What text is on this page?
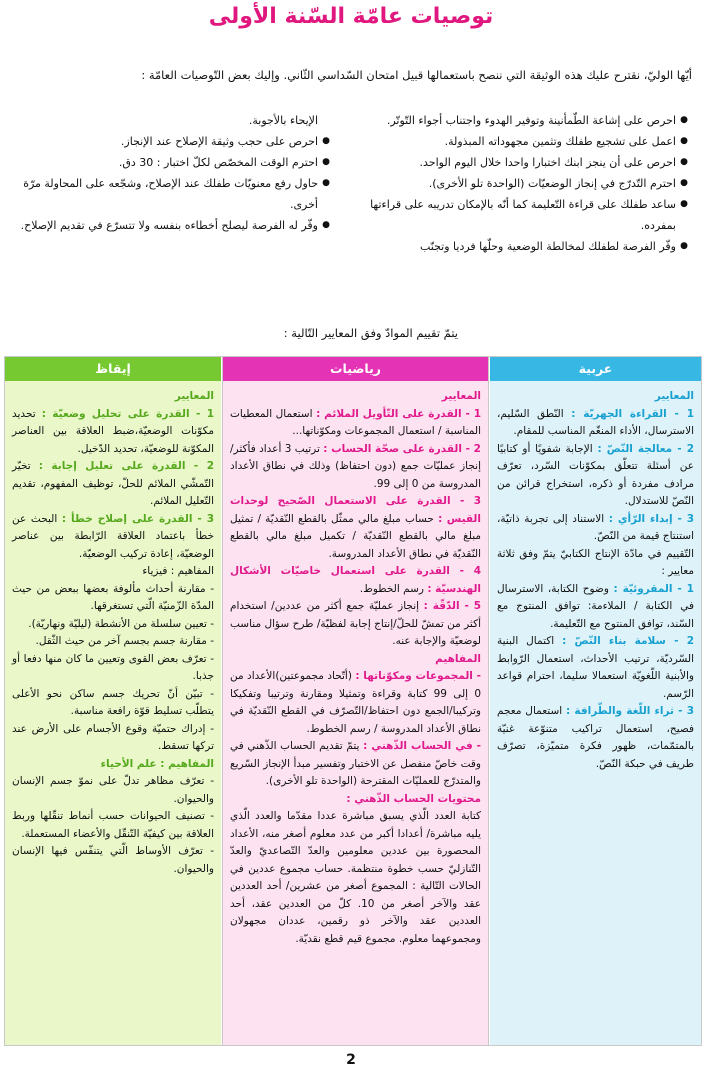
توصيات عامّة السّنة الأولى
أيّها الوليّ، نقترح عليك هذه الوثيقة التي ننصح باستعمالها قبيل امتحان السّداسي الثّاني. وإليك بعض التّوصيات العامّة :

● احرص على إشاعة الطّمأنينة وتوفير الهدوء واجتناب أجواء التّوتّر.

● اعمل على تشجيع طفلك وتثمين مجهوداته المبذولة.

● احرص على أن ينجز ابنك اختبارا واحدا خلال اليوم الواحد.

● احترم التّدرّج في إنجاز الوضعيّات (الواحدة تلو الأخرى).

● ساعد طفلك على قراءة التّعليمة كما أنّه بالإمكان تدريبه على قراءتها بمفرده.

● وفّر الفرصة لطفلك لمخالطة الوضعية وحلّها فرديا وتجنّب

الإيحاء بالأجوبة.

● احرص على حجب وثيقة الإصلاح عند الإنجاز.

● احترم الوقت المخصّص لكلّ اختبار : 30 دق.

● حاول رفع معنويّات طفلك عند الإصلاح، وشجّعه على المحاولة مرّة أخرى.

● وفّر له الفرصة ليصلح أخطاءه بنفسه ولا تتسرّع في تقديم الإصلاح.

يتمّ تقييم الموادّ وفق المعايير التّالية :
عربية

المعايير

1 - القراءة الجهريّة : النّطق السّليم، الاسترسال، الأداء المنغّم المناسب للمقام.

2 - معالجة النّصّ : الإجابة شفويًا أو كتابيًا عن أسئلة تتعلّق بمكوّنات السّرد، تعرّف مرادف مفردة أو ذكره، استخراج قرائن من النّصّ للاستدلال.

3 - إبداء الرّأي : الاستناد إلى تجربة ذاتيّة، استنتاج قيمة من النّصّ.

التّقييم في مادّة الإنتاج الكتابيّ يتمّ وفق ثلاثة معايير :

1 - المقروئيّة : وضوح الكتابة، الاسترسال في الكتابة / الملاءمة: توافق المنتوج مع السّند، توافق المنتوج مع التّعليمة.

2 - سلامة بناء النّصّ : اكتمال البنية السّرديّة، ترتيب الأحداث، استعمال الرّوابط والأبنية اللّغويّة استعمالا سليما، احترام قواعد الرّسم.

3 - ثراء اللّغة والطّرافة : استعمال معجم فصيح، استعمال تراكيب متنوّعة غنيّة بالمتمّمات، ظهور فكرة متميّزة، تصرّف طريف في حبكة النّصّ.

رياضيات

المعايير

1 - القدرة على التّأويل الملائم : استعمال المعطيات المناسبة / استعمال المجموعات ومكوّناتها...

2 - القدرة على صحّة الحساب : ترتيب 3 أعداد فأكثر/ إنجاز عمليّات جمع (دون احتفاظ) وذلك في نطاق الأعداد المدروسة من 0 إلى 99.

3 - القدرة على الاستعمال الصّحيح لوحدات القيس : حساب مبلغ مالي ممثّل بالقطع النّقديّة / تمثيل مبلغ مالي بالقطع النّقديّة / تكميل مبلغ مالي بالقطع النّقديّة في نطاق الأعداد المدروسة.

4 - القدرة على استعمال خاصيّات الأشكال الهندسيّة : رسم الخطوط.

5 - الدّقّة : إنجاز عمليّة جمع أكثر من عددين/ استخدام أكثر من تمشّ للحلّ/إنتاج إجابة لفظيّة/ طرح سؤال مناسب لوضعيّة والإجابة عنه.

المفاهيم

- المجموعات ومكوّناتها : (أتّحاد مجموعتين)الأعداد من 0 إلى 99 كتابة وقراءة وتمثيلا ومقارنة وترتيبا وتفكيكا وتركيبا/الجمع دون احتفاظ/التّصرّف في القطع النّقديّة في نطاق الأعداد المدروسة / رسم الخطوط.

- في الحساب الذّهني : يتمّ تقديم الحساب الذّهني في وقت خاصّ منفصل عن الاختبار وتفسير مبدأ الإنجاز السّريع والمتدرّج للعمليّات المقترحة (الواحدة تلو الأخرى).

محتويات الحساب الذّهني :

كتابة العدد الّذي يسبق مباشرة عددا مقدّما والعدد الّذي يليه مباشرة/ أعدادا أكبر من عدد معلوم أصغر منه، الأعداد المحصورة بين عددين معلومين والعدّ التّصاعديّ والعدّ التّنازليّ حسب خطوة منتظمة. حساب مجموع عددين في الحالات التّالية : المجموع أصغر من عشرين/ أحد العددين عقد والآخر أصغر من 10. كلّ من العددين عقد، أحد العددين عقد والآخر ذو رقمين، عددان مجهولان ومجموعهما معلوم. مجموع قيم قطع نقديّة.

إيقاظ

المعايير

1 - القدرة على تحليل وضعيّة : تحديد مكوّنات الوضعيّة،ضبط العلاقة بين العناصر المكوّنة للوضعيّة، تحديد الدّخيل.

2 - القدرة على تعليل إجابة : تخيّر التّمشّي الملائم للحلّ، توظيف المفهوم، تقديم التّعليل الملائم.

3 - القدرة على إصلاح خطأ : البحث عن خطأ باعتماد العلاقة الرّابطة بين عناصر الوضعيّة، إعادة تركيب الوضعيّة.

المفاهيم : فيزياء

- مقارنة أحداث مألوفة بعضها ببعض من حيث المدّة الزّمنيّة الّتي تستغرقها.

- تعيين سلسلة من الأنشطة (ليليّة ونهاريّة).

- مقارنة جسم بجسم آخر من حيث الثّقل.

- تعرّف بعض القوى وتعيين ما كان منها دفعا أو جذبا.

- تبيّن أنّ تحريك جسم ساكن نحو الأعلى يتطلّب تسليط قوّة رافعة مناسبة.

- إدراك حتميّة وقوع الأجسام على الأرض عند تركها تسقط.

المفاهيم : علم الأحياء

- تعرّف مظاهر تدلّ على نموّ جسم الإنسان والحيوان.

- تصنيف الحيوانات حسب أنماط تنقّلها وربط العلاقة بين كيفيّة التّنقّل والأعضاء المستعملة.

- تعرّف الأوساط الّتي يتنفّس فيها الإنسان والحيوان.

2
